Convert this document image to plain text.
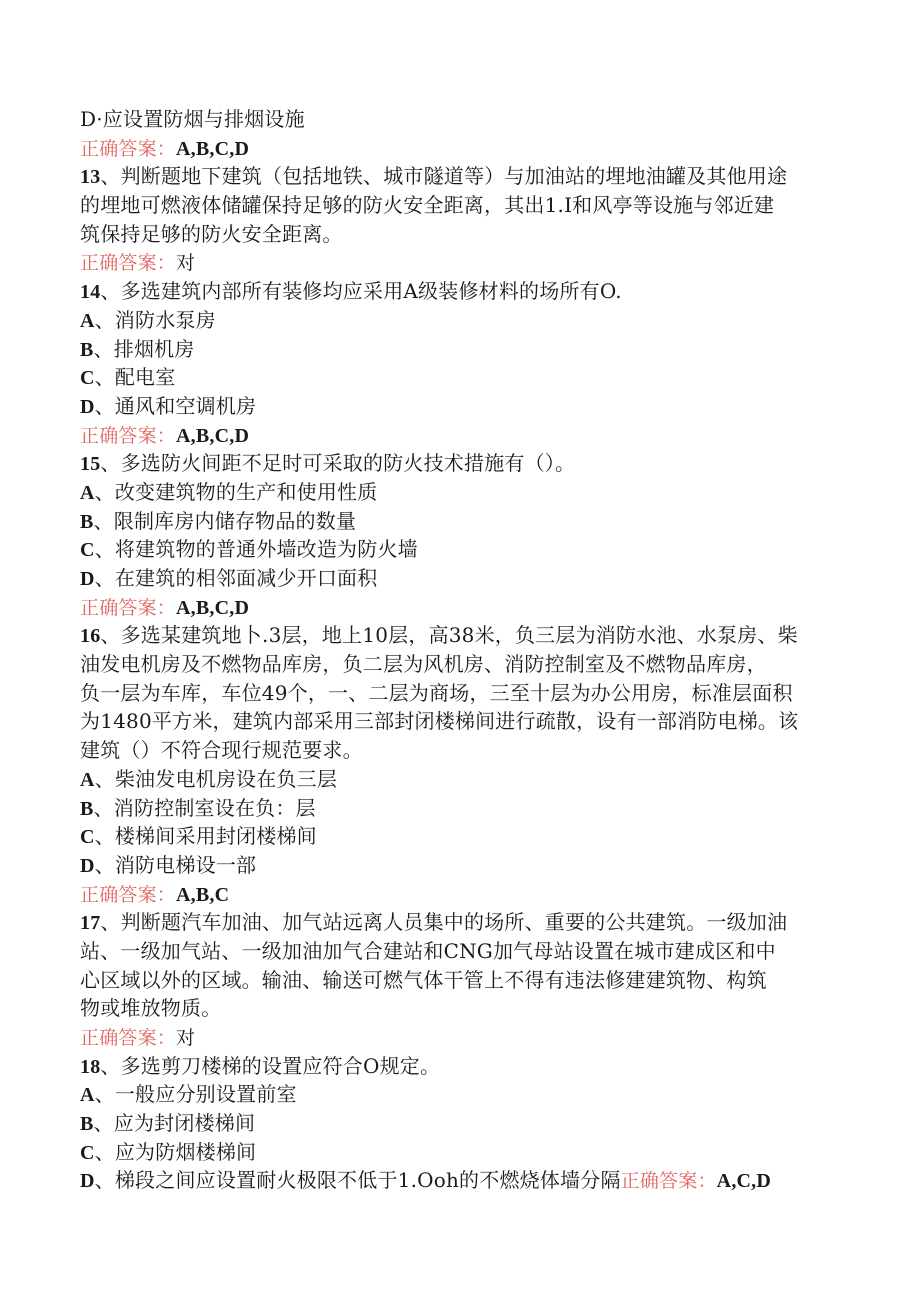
D·应设置防烟与排烟设施
正确答案：A,B,C,D
13、判断题地下建筑（包括地铁、城市隧道等）与加油站的埋地油罐及其他用途
的埋地可燃液体储罐保持足够的防火安全距离，其出1.I和风亭等设施与邻近建
筑保持足够的防火安全距离。
正确答案：对
14、多选建筑内部所有装修均应采用A级装修材料的场所有O.
A、消防水泵房
B、排烟机房
C、配电室
D、通风和空调机房
正确答案：A,B,C,D
15、多选防火间距不足时可采取的防火技术措施有（）。
A、改变建筑物的生产和使用性质
B、限制库房内储存物品的数量
C、将建筑物的普通外墙改造为防火墙
D、在建筑的相邻面减少开口面积
正确答案：A,B,C,D
16、多选某建筑地卜.3层，地上10层，高38米，负三层为消防水池、水泵房、柴
油发电机房及不燃物品库房，负二层为风机房、消防控制室及不燃物品库房，
负一层为车库，车位49个，一、二层为商场，三至十层为办公用房，标准层面积
为1480平方米，建筑内部采用三部封闭楼梯间进行疏散，设有一部消防电梯。该
建筑（）不符合现行规范要求。
A、柴油发电机房设在负三层
B、消防控制室设在负：层
C、楼梯间采用封闭楼梯间
D、消防电梯设一部
正确答案：A,B,C
17、判断题汽车加油、加气站远离人员集中的场所、重要的公共建筑。一级加油
站、一级加气站、一级加油加气合建站和CNG加气母站设置在城市建成区和中
心区域以外的区域。输油、输送可燃气体干管上不得有违法修建建筑物、构筑
物或堆放物质。
正确答案：对
18、多选剪刀楼梯的设置应符合O规定。
A、一般应分别设置前室
B、应为封闭楼梯间
C、应为防烟楼梯间
D、梯段之间应设置耐火极限不低于1.Ooh的不燃烧体墙分隔正确答案：A,C,D
